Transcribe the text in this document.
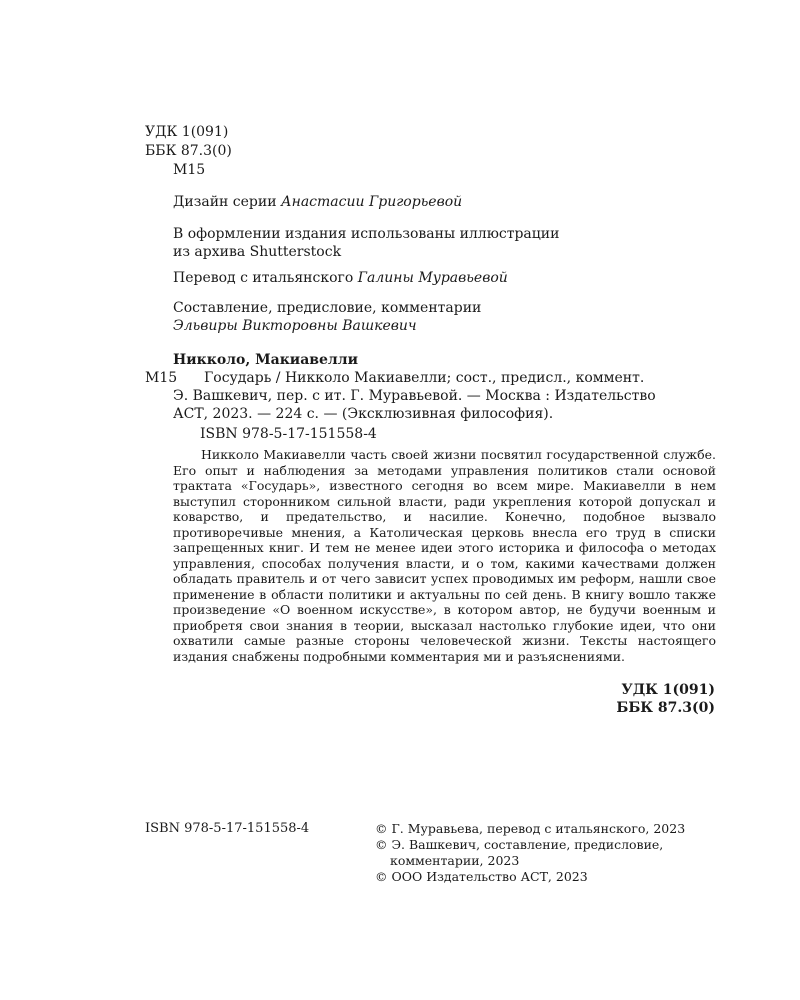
УДК 1(091)
ББК 87.3(0)
М15
Дизайн серии Анастасии Григорьевой
В оформлении издания использованы иллюстрации
из архива Shutterstock
Перевод с итальянского Галины Муравьевой
Составление, предисловие, комментарии
Эльвиры Викторовны Вашкевич
Никколо, Макиавелли
М15 Государь / Никколо Макиавелли; сост., предисл., коммент.
Э. Вашкевич, пер. с ит. Г. Муравьевой. — Москва : Издательство
АСТ, 2023. — 224 с. — (Эксклюзивная философия).
ISBN 978-5-17-151558-4

Никколо Макиавелли часть своей жизни посвятил государственной службе. Его опыт и наблюдения за методами управления политиков стали основой трактата «Государь», известного сегодня во всем мире. Макиавелли в нем выступил сторонником сильной власти, ради укрепления которой допускал и коварство, и предательство, и насилие. Конечно, подобное вызвало противоречивые мнения, а Католическая церковь внесла его труд в списки запрещенных книг. И тем не менее идеи этого историка и философа о методах управления, способах получения власти, и о том, какими качествами должен обладать правитель и от чего зависит успех проводимых им реформ, нашли свое применение в области политики и актуальны по сей день. В книгу вошло также произведение «О военном искусстве», в котором автор, не будучи военным и приобретя свои знания в теории, высказал настолько глубокие идеи, что они охватили самые разные стороны человеческой жизни. Тексты настоящего издания снабжены подробными комментария ми и разъяснениями.

УДК 1(091)
ББК 87.3(0)
ISBN 978-5-17-151558-4	© Г. Муравьева, перевод с итальянского, 2023
© Э. Вашкевич, составление, предисловие,
комментарии, 2023
© ООО Издательство АСТ, 2023
